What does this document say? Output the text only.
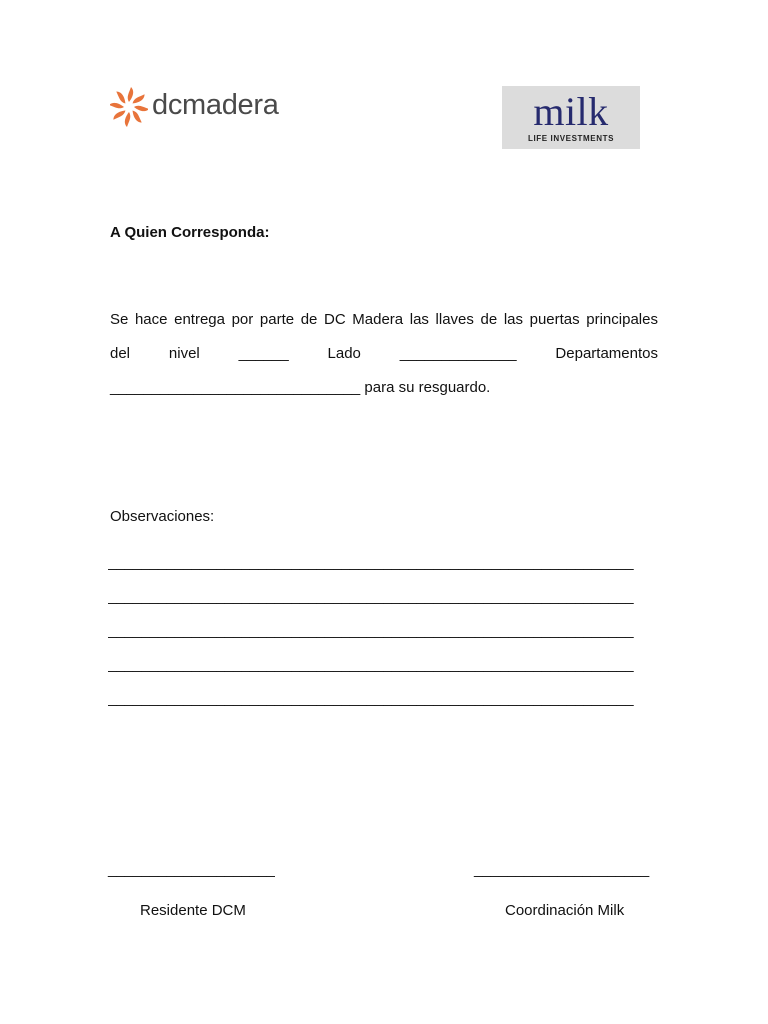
dcmadera	milk
LIFE INVESTMENTS
A Quien Corresponda:
Se hace entrega por parte de DC Madera las llaves de las puertas principales
del	nivel	______	Lado	______________	Departamentos
______________________________ para su resguardo.
Observaciones:
_______________________________________________________________
_______________________________________________________________
_______________________________________________________________
_______________________________________________________________
_______________________________________________________________
____________________	_____________________
Residente DCM	Coordinación Milk
